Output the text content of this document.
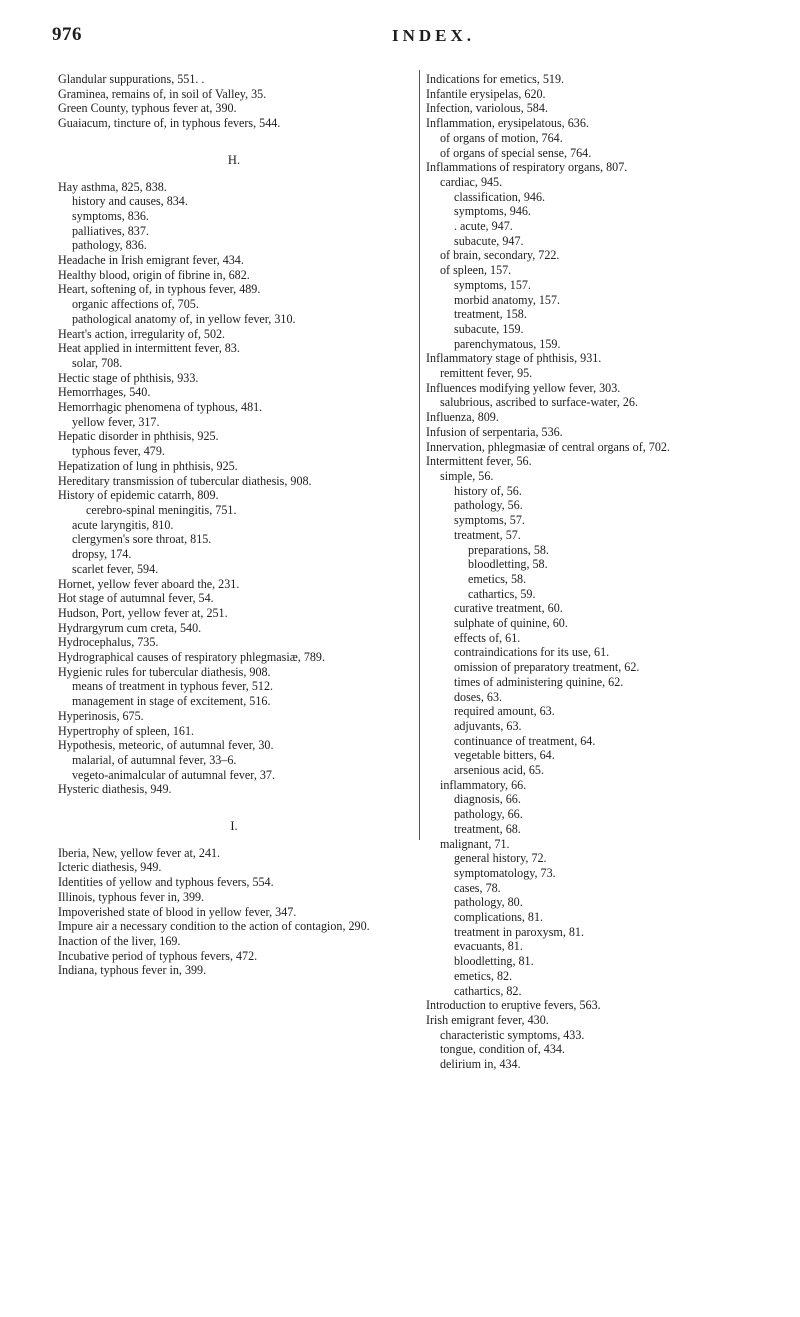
976	INDEX.

Glandular suppurations, 551. .

Graminea, remains of, in soil of Valley, 35.

Green County, typhous fever at, 390.

Guaiacum, tincture of, in typhous fevers, 544.

H.

Hay asthma, 825, 838.

history and causes, 834.

symptoms, 836.

palliatives, 837.

pathology, 836.

Headache in Irish emigrant fever, 434.

Healthy blood, origin of fibrine in, 682.

Heart, softening of, in typhous fever, 489.

organic affections of, 705.

pathological anatomy of, in yellow fever, 310.

Heart's action, irregularity of, 502.

Heat applied in intermittent fever, 83.

solar, 708.

Hectic stage of phthisis, 933.

Hemorrhages, 540.

Hemorrhagic phenomena of typhous, 481.

yellow fever, 317.

Hepatic disorder in phthisis, 925.

typhous fever, 479.

Hepatization of lung in phthisis, 925.

Hereditary transmission of tubercular diathesis, 908.

History of epidemic catarrh, 809.

cerebro-spinal meningitis, 751.

acute laryngitis, 810.

clergymen's sore throat, 815.

dropsy, 174.

scarlet fever, 594.

Hornet, yellow fever aboard the, 231.

Hot stage of autumnal fever, 54.

Hudson, Port, yellow fever at, 251.

Hydrargyrum cum creta, 540.

Hydrocephalus, 735.

Hydrographical causes of respiratory phlegmasiæ, 789.

Hygienic rules for tubercular diathesis, 908.

means of treatment in typhous fever, 512.

management in stage of excitement, 516.

Hyperinosis, 675.

Hypertrophy of spleen, 161.

Hypothesis, meteoric, of autumnal fever, 30.

malarial, of autumnal fever, 33–6.

vegeto-animalcular of autumnal fever, 37.

Hysteric diathesis, 949.

I.

Iberia, New, yellow fever at, 241.

Icteric diathesis, 949.

Identities of yellow and typhous fevers, 554.

Illinois, typhous fever in, 399.

Impoverished state of blood in yellow fever, 347.

Impure air a necessary condition to the action of contagion, 290.

Inaction of the liver, 169.

Incubative period of typhous fevers, 472.

Indiana, typhous fever in, 399.

Indications for emetics, 519.

Infantile erysipelas, 620.

Infection, variolous, 584.

Inflammation, erysipelatous, 636.

of organs of motion, 764.

of organs of special sense, 764.

Inflammations of respiratory organs, 807.

cardiac, 945.

classification, 946.

symptoms, 946.

. acute, 947.

subacute, 947.

of brain, secondary, 722.

of spleen, 157.

symptoms, 157.

morbid anatomy, 157.

treatment, 158.

subacute, 159.

parenchymatous, 159.

Inflammatory stage of phthisis, 931.

remittent fever, 95.

Influences modifying yellow fever, 303.

salubrious, ascribed to surface-water, 26.

Influenza, 809.

Infusion of serpentaria, 536.

Innervation, phlegmasiæ of central organs of, 702.

Intermittent fever, 56.

simple, 56.

history of, 56.

pathology, 56.

symptoms, 57.

treatment, 57.

preparations, 58.

bloodletting, 58.

emetics, 58.

cathartics, 59.

curative treatment, 60.

sulphate of quinine, 60.

effects of, 61.

contraindications for its use, 61.

omission of preparatory treatment, 62.

times of administering quinine, 62.

doses, 63.

required amount, 63.

adjuvants, 63.

continuance of treatment, 64.

vegetable bitters, 64.

arsenious acid, 65.

inflammatory, 66.

diagnosis, 66.

pathology, 66.

treatment, 68.

malignant, 71.

general history, 72.

symptomatology, 73.

cases, 78.

pathology, 80.

complications, 81.

treatment in paroxysm, 81.

evacuants, 81.

bloodletting, 81.

emetics, 82.

cathartics, 82.

Introduction to eruptive fevers, 563.

Irish emigrant fever, 430.

characteristic symptoms, 433.

tongue, condition of, 434.

delirium in, 434.
